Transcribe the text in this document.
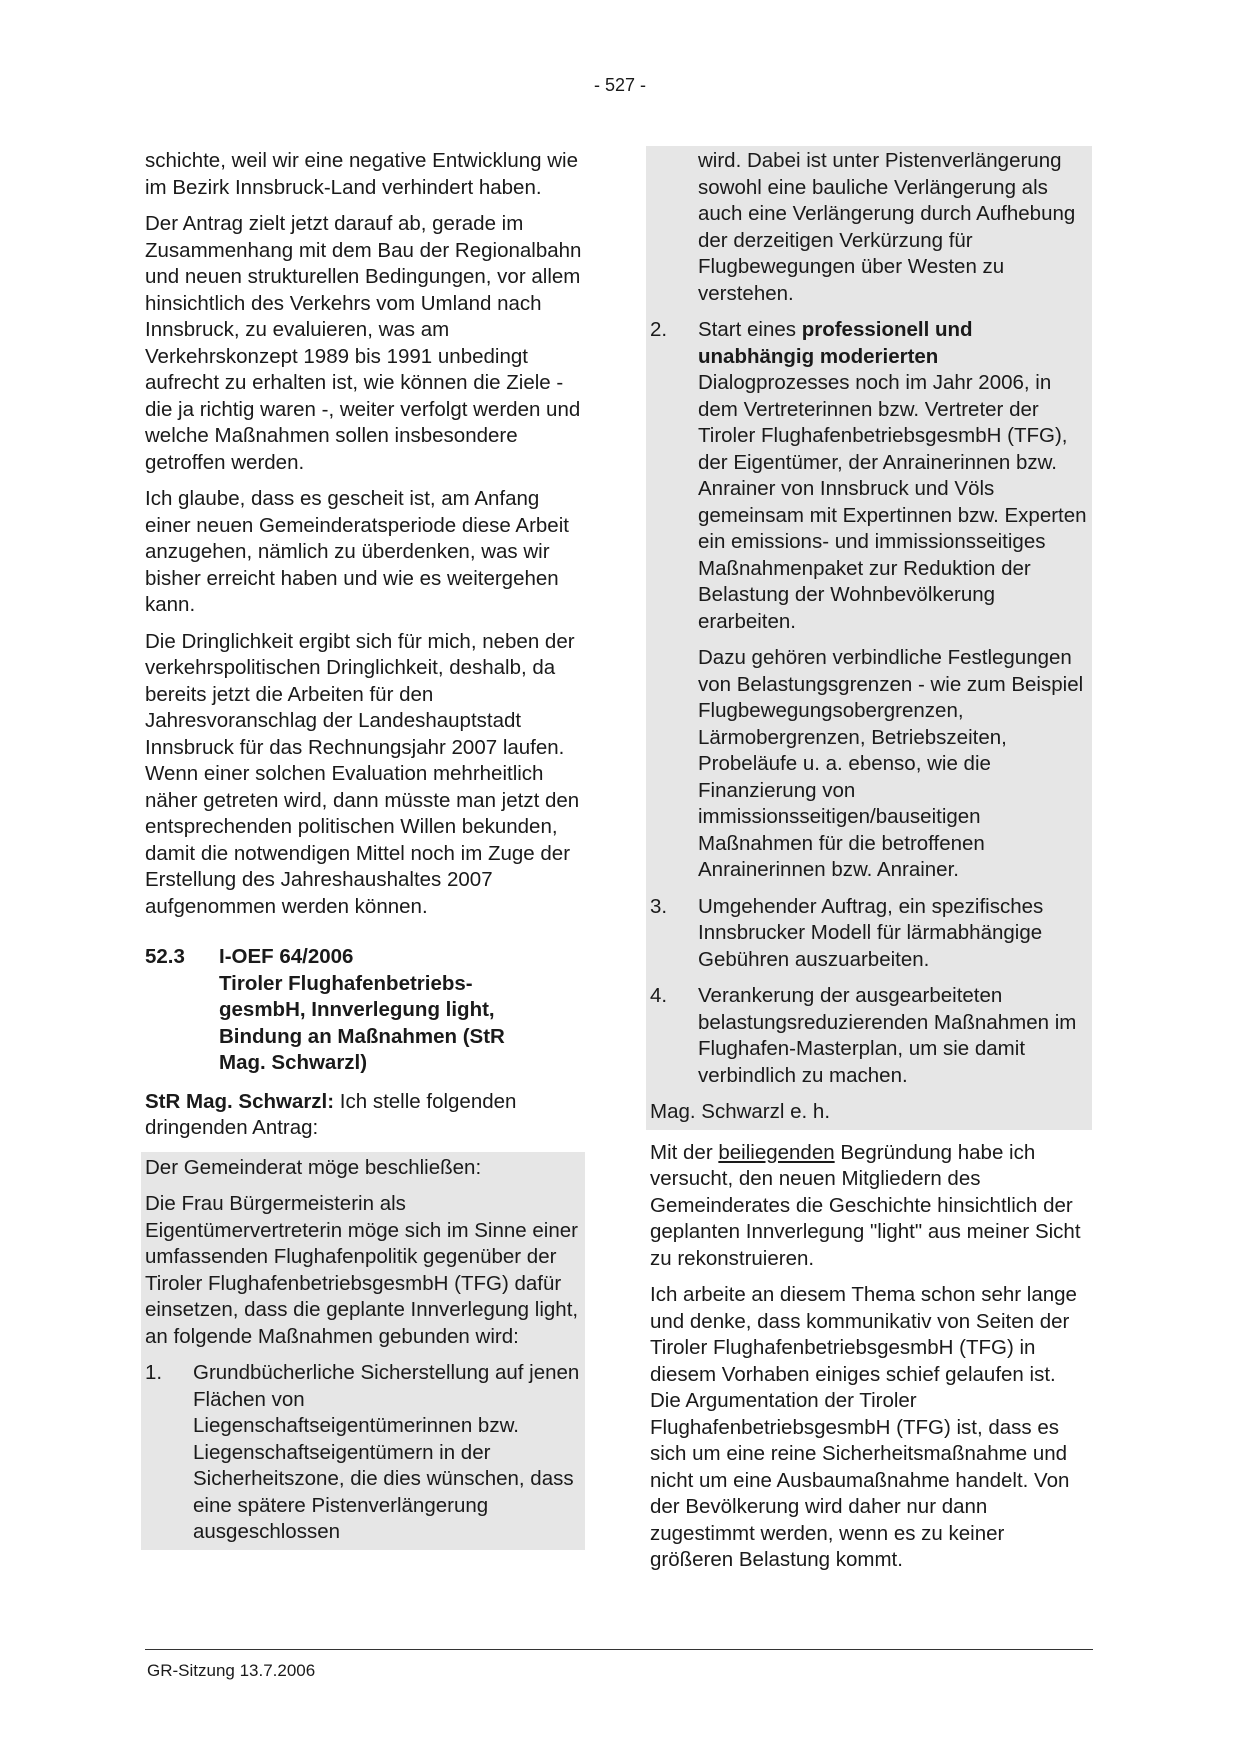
- 527 -

schichte, weil wir eine negative Entwicklung wie im Bezirk Innsbruck-Land verhindert haben.

Der Antrag zielt jetzt darauf ab, gerade im Zusammenhang mit dem Bau der Regionalbahn und neuen strukturellen Bedingungen, vor allem hinsichtlich des Verkehrs vom Umland nach Innsbruck, zu evaluieren, was am Verkehrskonzept 1989 bis 1991 unbedingt aufrecht zu erhalten ist, wie können die Ziele - die ja richtig waren -, weiter verfolgt werden und welche Maßnahmen sollen insbesondere getroffen werden.

Ich glaube, dass es gescheit ist, am Anfang einer neuen Gemeinderatsperiode diese Arbeit anzugehen, nämlich zu überdenken, was wir bisher erreicht haben und wie es weitergehen kann.

Die Dringlichkeit ergibt sich für mich, neben der verkehrspolitischen Dringlichkeit, deshalb, da bereits jetzt die Arbeiten für den Jahresvoranschlag der Landeshauptstadt Innsbruck für das Rechnungsjahr 2007 laufen. Wenn einer solchen Evaluation mehrheitlich näher getreten wird, dann müsste man jetzt den entsprechenden politischen Willen bekunden, damit die notwendigen Mittel noch im Zuge der Erstellung des Jahreshaushaltes 2007 aufgenommen werden können.

52.3	I-OEF 64/2006
Tiroler Flughafenbetriebs-
gesmbH, Innverlegung light,
Bindung an Maßnahmen (StR
Mag. Schwarzl)

StR Mag. Schwarzl: Ich stelle folgenden dringenden Antrag:

Der Gemeinderat möge beschließen:

Die Frau Bürgermeisterin als Eigentümervertreterin möge sich im Sinne einer umfassenden Flughafenpolitik gegenüber der Tiroler FlughafenbetriebsgesmbH (TFG) dafür einsetzen, dass die geplante Innverlegung light, an folgende Maßnahmen gebunden wird:

1.	Grundbücherliche Sicherstellung auf jenen Flächen von Liegenschaftseigentümerinnen bzw. Liegenschaftseigentümern in der Sicherheitszone, die dies wünschen, dass eine spätere Pistenverlängerung ausgeschlossen

wird. Dabei ist unter Pistenverlängerung sowohl eine bauliche Verlängerung als auch eine Verlängerung durch Aufhebung der derzeitigen Verkürzung für Flugbewegungen über Westen zu verstehen.

2.	Start eines professionell und unabhängig moderierten Dialogprozesses noch im Jahr 2006, in dem Vertreterinnen bzw. Vertreter der Tiroler FlughafenbetriebsgesmbH (TFG), der Eigentümer, der Anrainerinnen bzw. Anrainer von Innsbruck und Völs gemeinsam mit Expertinnen bzw. Experten ein emissions- und immissionsseitiges Maßnahmenpaket zur Reduktion der Belastung der Wohnbevölkerung erarbeiten.

Dazu gehören verbindliche Festlegungen von Belastungsgrenzen - wie zum Beispiel Flugbewegungsobergrenzen, Lärmobergrenzen, Betriebszeiten, Probeläufe u. a. ebenso, wie die Finanzierung von immissionsseitigen/bauseitigen Maßnahmen für die betroffenen Anrainerinnen bzw. Anrainer.

3.	Umgehender Auftrag, ein spezifisches Innsbrucker Modell für lärmabhängige Gebühren auszuarbeiten.
4.	Verankerung der ausgearbeiteten belastungsreduzierenden Maßnahmen im Flughafen-Masterplan, um sie damit verbindlich zu machen.

Mag. Schwarzl e. h.

Mit der beiliegenden Begründung habe ich versucht, den neuen Mitgliedern des Gemeinderates die Geschichte hinsichtlich der geplanten Innverlegung "light" aus meiner Sicht zu rekonstruieren.

Ich arbeite an diesem Thema schon sehr lange und denke, dass kommunikativ von Seiten der Tiroler FlughafenbetriebsgesmbH (TFG) in diesem Vorhaben einiges schief gelaufen ist. Die Argumentation der Tiroler FlughafenbetriebsgesmbH (TFG) ist, dass es sich um eine reine Sicherheitsmaßnahme und nicht um eine Ausbaumaßnahme handelt. Von der Bevölkerung wird daher nur dann zugestimmt werden, wenn es zu keiner größeren Belastung kommt.

GR-Sitzung 13.7.2006
